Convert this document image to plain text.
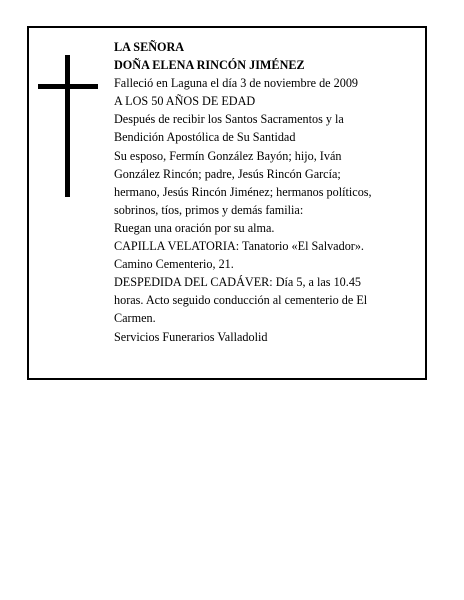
LA SEÑORA
DOÑA ELENA RINCÓN JIMÉNEZ
Falleció en Laguna el día 3 de noviembre de 2009
A LOS 50 AÑOS DE EDAD
Después de recibir los Santos Sacramentos y la
Bendición Apostólica de Su Santidad
Su esposo, Fermín González Bayón; hijo, Iván
González Rincón; padre, Jesús Rincón García;
hermano, Jesús Rincón Jiménez; hermanos políticos,
sobrinos, tíos, primos y demás familia:
Ruegan una oración por su alma.
CAPILLA VELATORIA: Tanatorio «El Salvador».
Camino Cementerio, 21.
DESPEDIDA DEL CADÁVER: Día 5, a las 10.45
horas. Acto seguido conducción al cementerio de El
Carmen.
Servicios Funerarios Valladolid
